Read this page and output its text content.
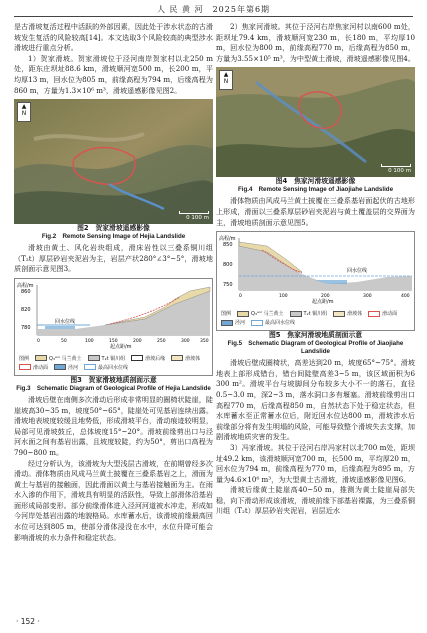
人 民 黄 河　2025年第6期

是古滑坡复活过程中活跃的外部因素，因此处于涉水状态的古滑坡发生复活的风险较高[14]。本文选取3个风险较高的典型涉水滑坡进行重点分析。

1）贺家滑坡。贺家滑坡位于泾河南岸贺家村以北250 m处，距东庄坝址88.6 km，滑坡顺河宽500 m，长200 m，平均厚13 m，回水位为805 m，前缘高程为794 m，后缘高程为860 m，方量为1.3×10⁶ m³，滑坡遥感影像见图2。

▲
N
0 100 m
图2　贺家滑坡遥感影像
Fig.2　Remote Sensing Image of Hejia Landslide

滑坡由黄土、风化岩块组成，滑床岩性以三叠系铜川组（T₂t）厚层砂岩夹泥岩为主，岩层产状280°∠3°~5°，滑坡地质剖面示意见图3。

高程/m
860
820
780
回水位线
0	50	100	150	200	250	300 350
起点距/m
图例	Q₃ᵉᵒˡ 马兰黄土	T₂t 铜川组	滑坡后缘	滑坡体
滑动面	泾河	最高回水位线
图3　贺家滑坡地质剖面示意
Fig.3　Schematic Diagram of Geological Profile of Hejia Landslide

滑坡后壁在南侧多次滑动后形成非常明显的圈椅状陡崖，陡崖坡高30~35 m，坡度50°~65°，陡崖处可见基岩连续出露。滑坡地表坡度较缓且地势低，形成滑坡平台，滑动痕迹较明显，局部可见滑坡鼓丘，总体坡度15°~20°。滑坡前缘剪出口与泾河水面之间有基岩出露，且坡度较陡，约为50°，剪出口高程为790~800 m。

经过分析认为，该滑坡为大型浅层古滑坡，在前期曾经多次滑动。滑体物质由风成马兰黄土披覆在三叠系基岩之上，滑面为黄土与基岩的接触面，因此滑面以黄土与基岩接触面为主。在雨水入渗的作用下，滑坡具有明显的活跃性，导致上部滑体沿基岩面形成局部变形。部分前缘滑体进入泾河河道被水冲走，形成如今河岸处基岩出露的地貌格局。水库蓄水后，该滑坡前缘最高回水位可达到805 m，使部分滑体浸没在水中，水位升降可能会影响滑坡的水力条件和稳定状态。

2）焦家河滑坡。其位于泾河右岸焦家河村以南600 m处，距坝址79.4 km，滑坡顺河宽230 m，长180 m，平均厚10 m，回水位为800 m，前缘高程770 m，后缘高程为850 m，方量为3.55×10⁵ m³，为中型黄土滑坡，滑坡遥感影像见图4。

▲
N
0 100 m
图4　焦家河滑坡遥感影像
Fig.4　Remote Sensing Image of Jiaojiahe Landslide

滑体物质由风成马兰黄土披覆在三叠系基岩面起伏的古地形上形成，滑面以三叠系厚层砂岩夹泥岩与黄土覆盖层的交界面为主，滑坡地质剖面示意见图5。

高程/m
850
800
750
回水位线
0	100	200	300	400
起点距/m
图例	Q₃ᵉᵒˡ 马兰黄土	T₂t 铜川组	滑坡体	滑动面
泾河	最高回水位线
图5　焦家河滑坡地质剖面示意
Fig.5　Schematic Diagram of Geological Profile of Jiaojiahe Landslide

滑坡后壁成圈椅状，高差达到20 m，坡度65°~75°。滑坡地表上部形成错台，错台间陡壁高差3~5 m，该区域面积为6 300 m²。滑坡平台与坡脚间分布较多大小不一的落石，直径0.5~3.0 m，深2~3 m，落水洞口多有堰塞。滑坡前缘剪出口高程770 m，后缘高程850 m，自然状态下处于稳定状态，但水库蓄水至正常蓄水位后，附近回水位达800 m，滑坡涉水后前缘部分将有发生明塌的风险，可能导致整个滑坡失去支撑，加剧滑坡地质灾害的发生。

3）冯家滑坡。其位于泾河右岸冯家村以北700 m处，距坝址49.2 km，该滑坡顺河宽700 m，长500 m，平均厚20 m，回水位为794 m，前缘高程为770 m，后缘高程为895 m，方量为4.6×10⁶ m³，为大型黄土古滑坡，滑坡遥感影像见图6。

滑坡后缘黄土陡崖高40~50 m，推测为黄土陡崖局部失稳，向下滑动形成该滑坡，滑坡前缘下部基岩裸露，为三叠系铜川组（T₂t）厚层砂岩夹泥岩，岩层近水

· 152 ·
